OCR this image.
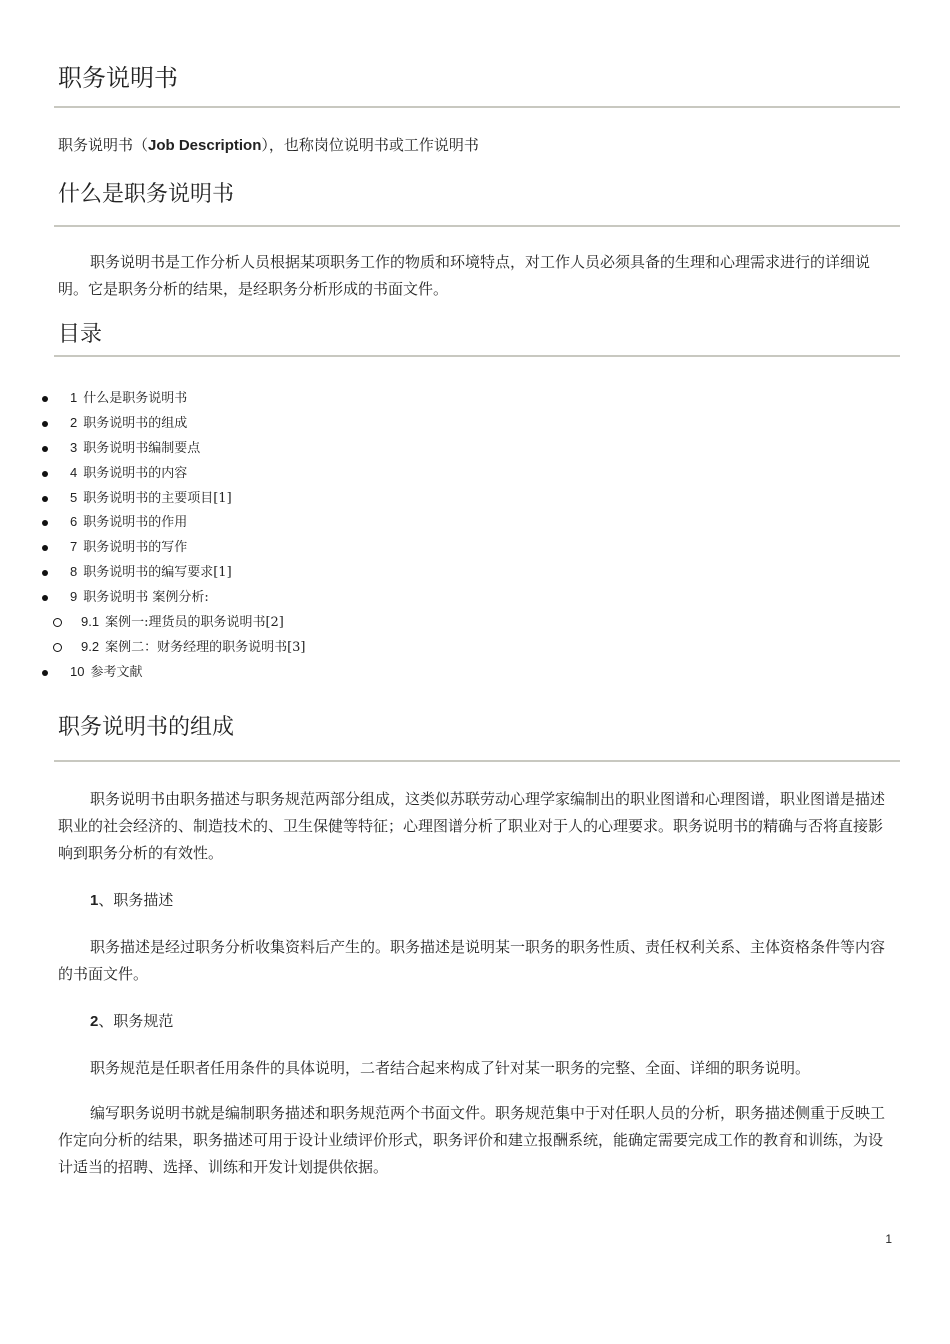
职务说明书
职务说明书（Job Description），也称岗位说明书或工作说明书
什么是职务说明书

职务说明书是工作分析人员根据某项职务工作的物质和环境特点，对工作人员必须具备的生理和心理需求进行的详细说明。它是职务分析的结果，是经职务分析形成的书面文件。

目录
1 什么是职务说明书
2 职务说明书的组成
3 职务说明书编制要点
4 职务说明书的内容
5 职务说明书的主要项目[1]
6 职务说明书的作用
7 职务说明书的写作
8 职务说明书的编写要求[1]
9 职务说明书 案例分析:
9.1 案例一:理货员的职务说明书[2]
9.2 案例二：财务经理的职务说明书[3]
10 参考文献
职务说明书的组成

职务说明书由职务描述与职务规范两部分组成，这类似苏联劳动心理学家编制出的职业图谱和心理图谱，职业图谱是描述职业的社会经济的、制造技术的、卫生保健等特征；心理图谱分析了职业对于人的心理要求。职务说明书的精确与否将直接影响到职务分析的有效性。

1、职务描述

职务描述是经过职务分析收集资料后产生的。职务描述是说明某一职务的职务性质、责任权利关系、主体资格条件等内容的书面文件。

2、职务规范

职务规范是任职者任用条件的具体说明，二者结合起来构成了针对某一职务的完整、全面、详细的职务说明。

编写职务说明书就是编制职务描述和职务规范两个书面文件。职务规范集中于对任职人员的分析，职务描述侧重于反映工作定向分析的结果，职务描述可用于设计业绩评价形式，职务评价和建立报酬系统，能确定需要完成工作的教育和训练，为设计适当的招聘、选择、训练和开发计划提供依据。

1
